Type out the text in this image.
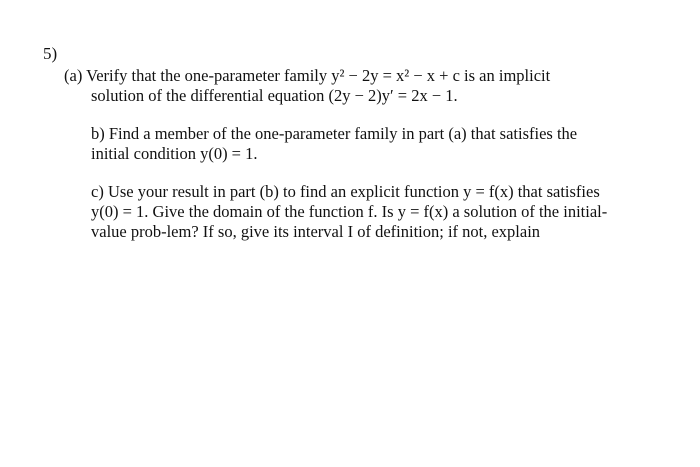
5)
(a) Verify that the one-parameter family y² − 2y = x² − x + c is an implicit
solution of the differential equation (2y − 2)y′ = 2x − 1.
b) Find a member of the one-parameter family in part (a) that satisfies the
initial condition y(0) = 1.
c) Use your result in part (b) to find an explicit function y = f(x) that satisfies
y(0) = 1. Give the domain of the function f. Is y = f(x) a solution of the initial-
value prob-lem? If so, give its interval I of definition; if not, explain
